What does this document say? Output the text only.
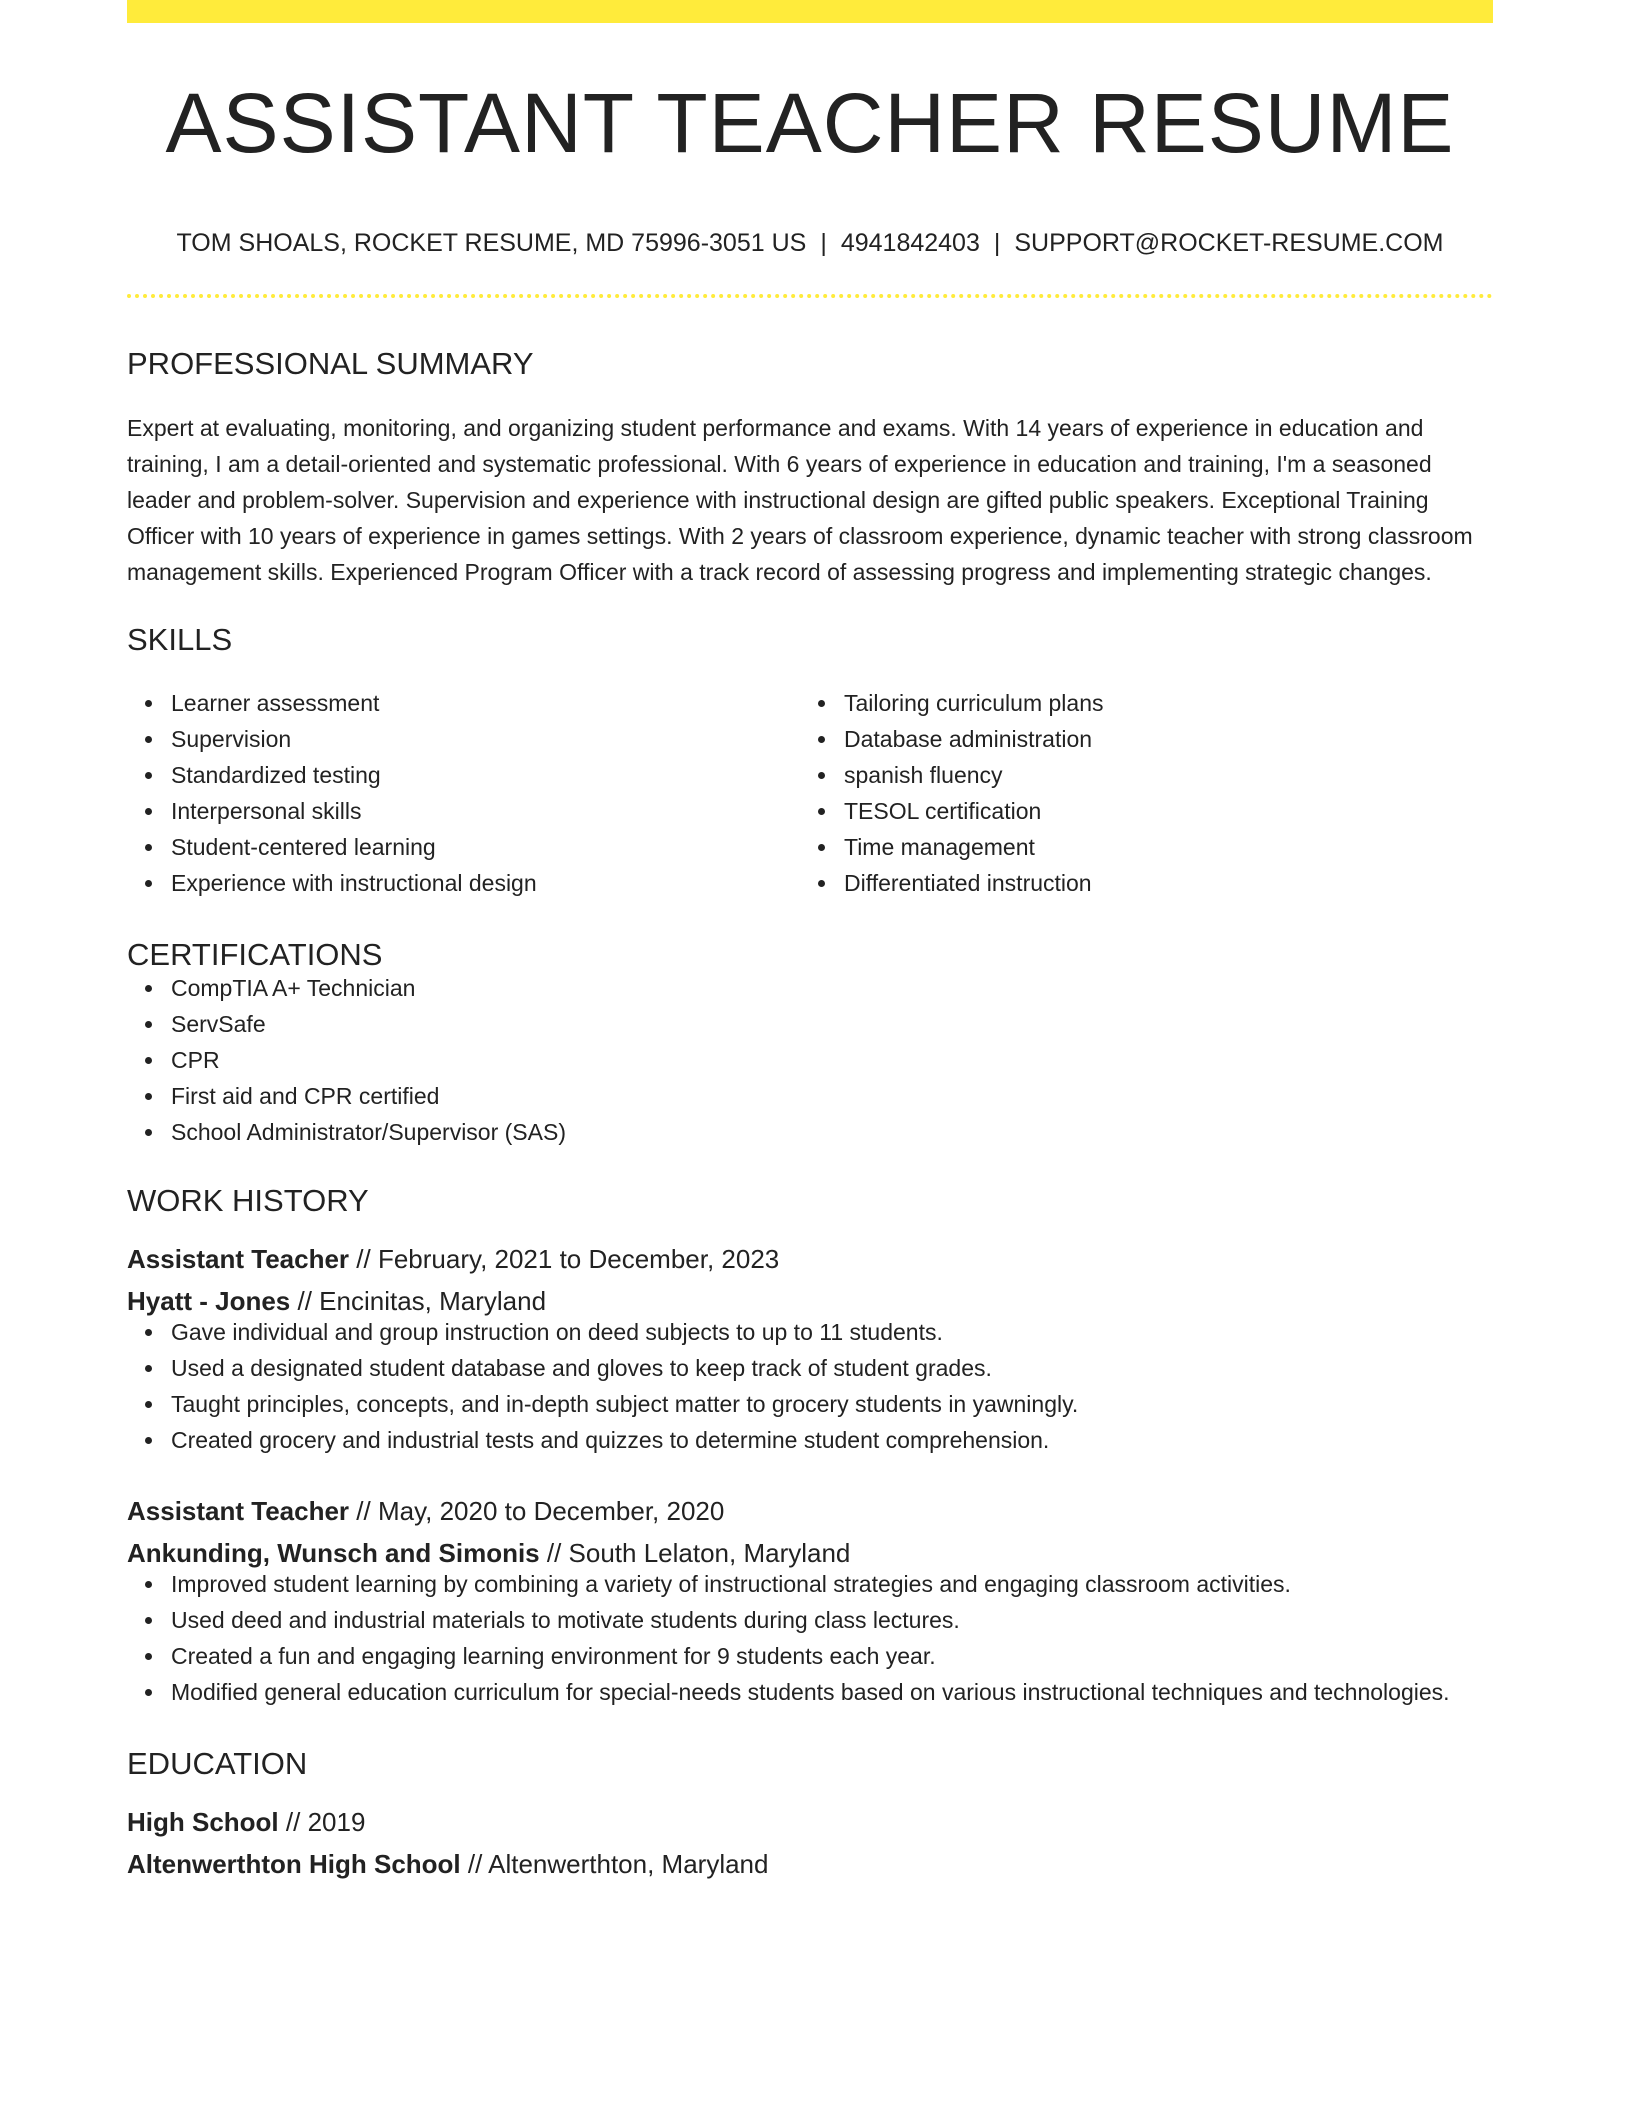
ASSISTANT TEACHER RESUME
TOM SHOALS, ROCKET RESUME, MD 75996-3051 US | 4941842403 | SUPPORT@ROCKET-RESUME.COM
PROFESSIONAL SUMMARY
Expert at evaluating, monitoring, and organizing student performance and exams. With 14 years of experience in education and training, I am a detail-oriented and systematic professional. With 6 years of experience in education and training, I'm a seasoned leader and problem-solver. Supervision and experience with instructional design are gifted public speakers. Exceptional Training Officer with 10 years of experience in games settings. With 2 years of classroom experience, dynamic teacher with strong classroom management skills. Experienced Program Officer with a track record of assessing progress and implementing strategic changes.
SKILLS
Learner assessment
Supervision
Standardized testing
Interpersonal skills
Student-centered learning
Experience with instructional design
Tailoring curriculum plans
Database administration
spanish fluency
TESOL certification
Time management
Differentiated instruction
CERTIFICATIONS
CompTIA A+ Technician
ServSafe
CPR
First aid and CPR certified
School Administrator/Supervisor (SAS)
WORK HISTORY
Assistant Teacher // February, 2021 to December, 2023
Hyatt - Jones // Encinitas, Maryland
Gave individual and group instruction on deed subjects to up to 11 students.
Used a designated student database and gloves to keep track of student grades.
Taught principles, concepts, and in-depth subject matter to grocery students in yawningly.
Created grocery and industrial tests and quizzes to determine student comprehension.
Assistant Teacher // May, 2020 to December, 2020
Ankunding, Wunsch and Simonis // South Lelaton, Maryland
Improved student learning by combining a variety of instructional strategies and engaging classroom activities.
Used deed and industrial materials to motivate students during class lectures.
Created a fun and engaging learning environment for 9 students each year.
Modified general education curriculum for special-needs students based on various instructional techniques and technologies.
EDUCATION
High School // 2019
Altenwerthton High School // Altenwerthton, Maryland
